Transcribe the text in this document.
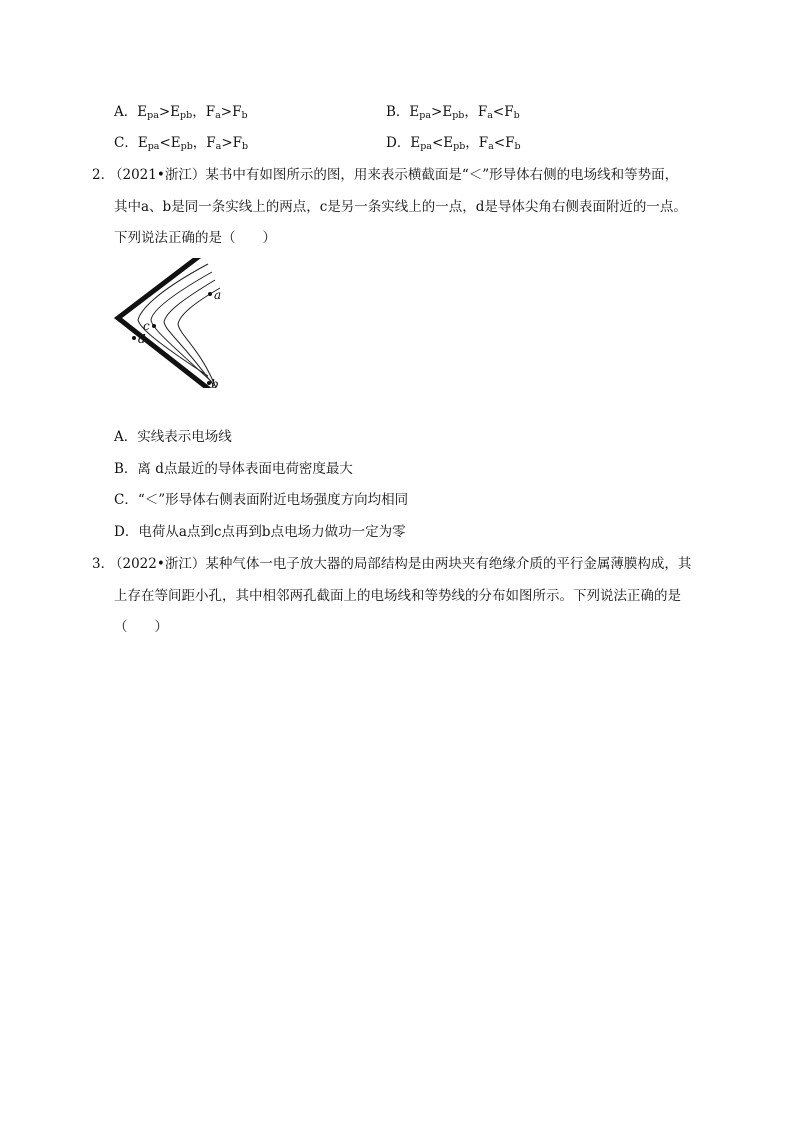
A．$E_{pa}>E_{pb}$，$F_a>F_b$	B．$E_{pa}>E_{pb}$，$F_a<F_b$
C．$E_{pa}<E_{pb}$，$F_a>F_b$	D．$E_{pa}<E_{pb}$，$F_a<F_b$
2．
（2021•浙江）某书中有如图所示的图，用来表示横截面是“＜”形导体右侧的电场线和等势面，
其中a、b是同一条实线上的两点，c是另一条实线上的一点，d是导体尖角右侧表面附近的一点。
下列说法正确的是（　　）
a
b
c
d
A．实线表示电场线
B．离 d点最近的导体表面电荷密度最大
C．“＜”形导体右侧表面附近电场强度方向均相同
D．电荷从a点到c点再到b点电场力做功一定为零
3．
（2022•浙江）某种气体一电子放大器的局部结构是由两块夹有绝缘介质的平行金属薄膜构成，其
上存在等间距小孔，其中相邻两孔截面上的电场线和等势线的分布如图所示。下列说法正确的是
（　　）
